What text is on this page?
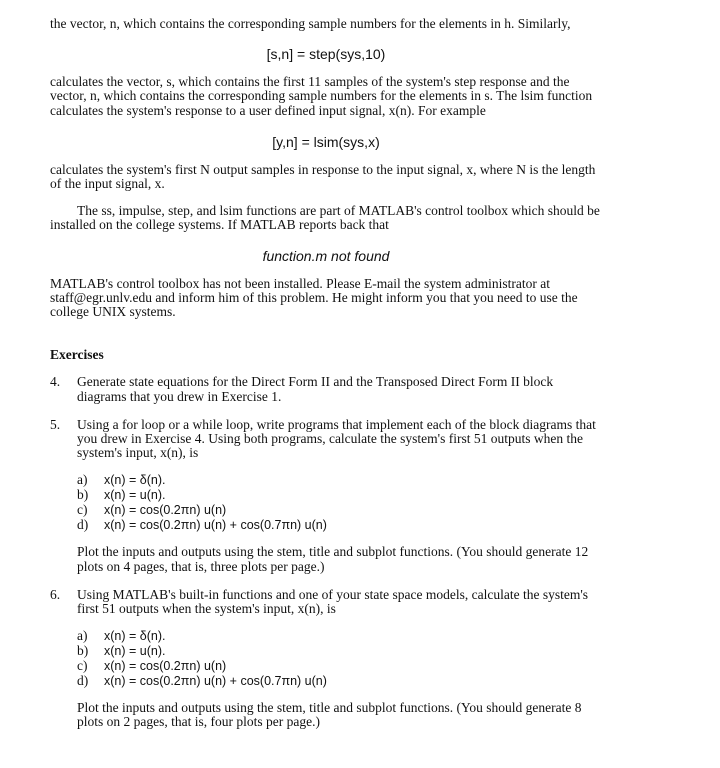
the vector, n, which contains the corresponding sample numbers for the elements in h. Similarly,

[s,n] = step(sys,10)

calculates the vector, s, which contains the first 11 samples of the system's step response and the vector, n, which contains the corresponding sample numbers for the elements in s. The lsim function calculates the system's response to a user defined input signal, x(n). For example

[y,n] = lsim(sys,x)

calculates the system's first N output samples in response to the input signal, x, where N is the length of the input signal, x.

The ss, impulse, step, and lsim functions are part of MATLAB's control toolbox which should be installed on the college systems. If MATLAB reports back that

function.m not found

MATLAB's control toolbox has not been installed. Please E-mail the system administrator at staff@egr.unlv.edu and inform him of this problem. He might inform you that you need to use the college UNIX systems.

Exercises

4. Generate state equations for the Direct Form II and the Transposed Direct Form II block diagrams that you drew in Exercise 1.

5. Using a for loop or a while loop, write programs that implement each of the block diagrams that you drew in Exercise 4. Using both programs, calculate the system's first 51 outputs when the system's input, x(n), is

a) x(n) = δ(n).
b) x(n) = u(n).
c) x(n) = cos(0.2πn) u(n)
d) x(n) = cos(0.2πn) u(n) + cos(0.7πn) u(n)

Plot the inputs and outputs using the stem, title and subplot functions. (You should generate 12 plots on 4 pages, that is, three plots per page.)

6. Using MATLAB's built-in functions and one of your state space models, calculate the system's first 51 outputs when the system's input, x(n), is

a) x(n) = δ(n).
b) x(n) = u(n).
c) x(n) = cos(0.2πn) u(n)
d) x(n) = cos(0.2πn) u(n) + cos(0.7πn) u(n)

Plot the inputs and outputs using the stem, title and subplot functions. (You should generate 8 plots on 2 pages, that is, four plots per page.)
